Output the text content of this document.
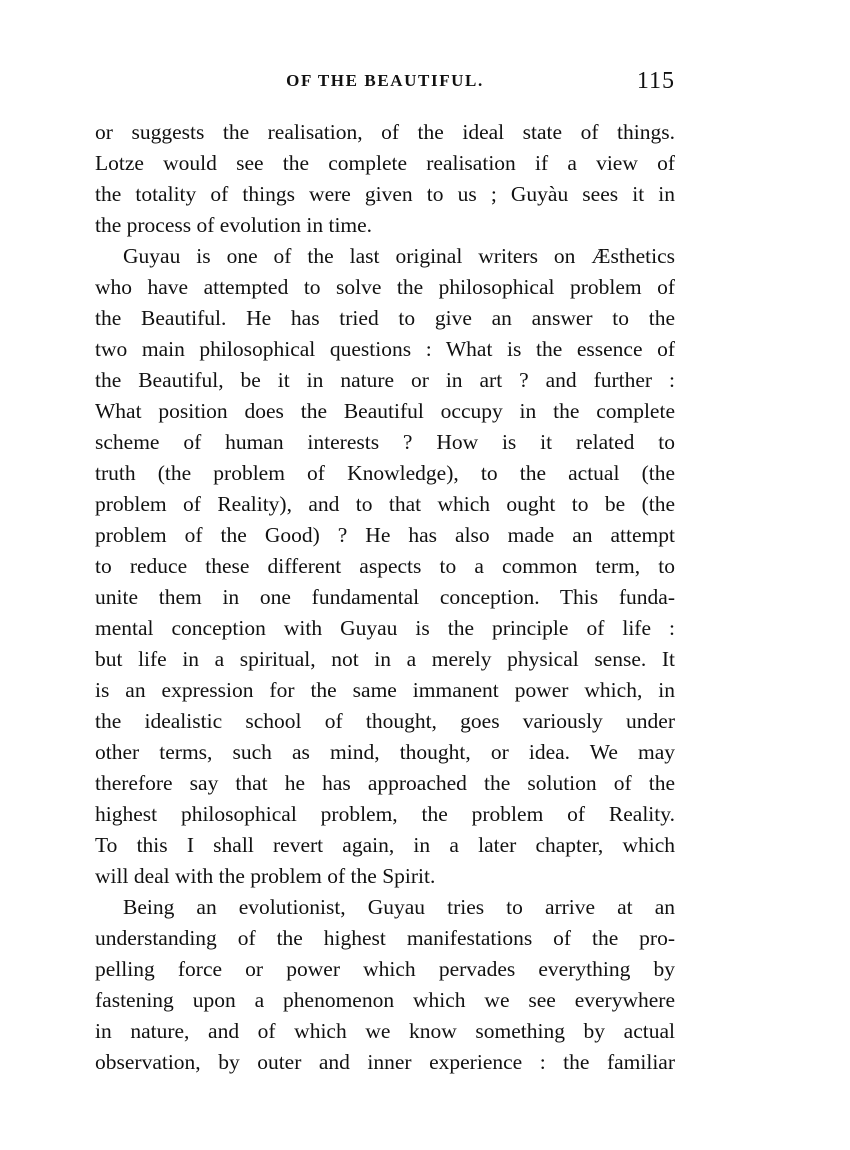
OF THE BEAUTIFUL.	115
or suggests the realisation, of the ideal state of things.
Lotze would see the complete realisation if a view of
the totality of things were given to us ; Guyàu sees it in
the process of evolution in time.
Guyau is one of the last original writers on Æsthetics
who have attempted to solve the philosophical problem of
the Beautiful. He has tried to give an answer to the
two main philosophical questions : What is the essence of
the Beautiful, be it in nature or in art ? and further :
What position does the Beautiful occupy in the complete
scheme of human interests ? How is it related to
truth (the problem of Knowledge), to the actual (the
problem of Reality), and to that which ought to be (the
problem of the Good) ? He has also made an attempt
to reduce these different aspects to a common term, to
unite them in one fundamental conception. This funda-
mental conception with Guyau is the principle of life :
but life in a spiritual, not in a merely physical sense. It
is an expression for the same immanent power which, in
the idealistic school of thought, goes variously under
other terms, such as mind, thought, or idea. We may
therefore say that he has approached the solution of the
highest philosophical problem, the problem of Reality.
To this I shall revert again, in a later chapter, which
will deal with the problem of the Spirit.
Being an evolutionist, Guyau tries to arrive at an
understanding of the highest manifestations of the pro-
pelling force or power which pervades everything by
fastening upon a phenomenon which we see everywhere
in nature, and of which we know something by actual
observation, by outer and inner experience : the familiar
